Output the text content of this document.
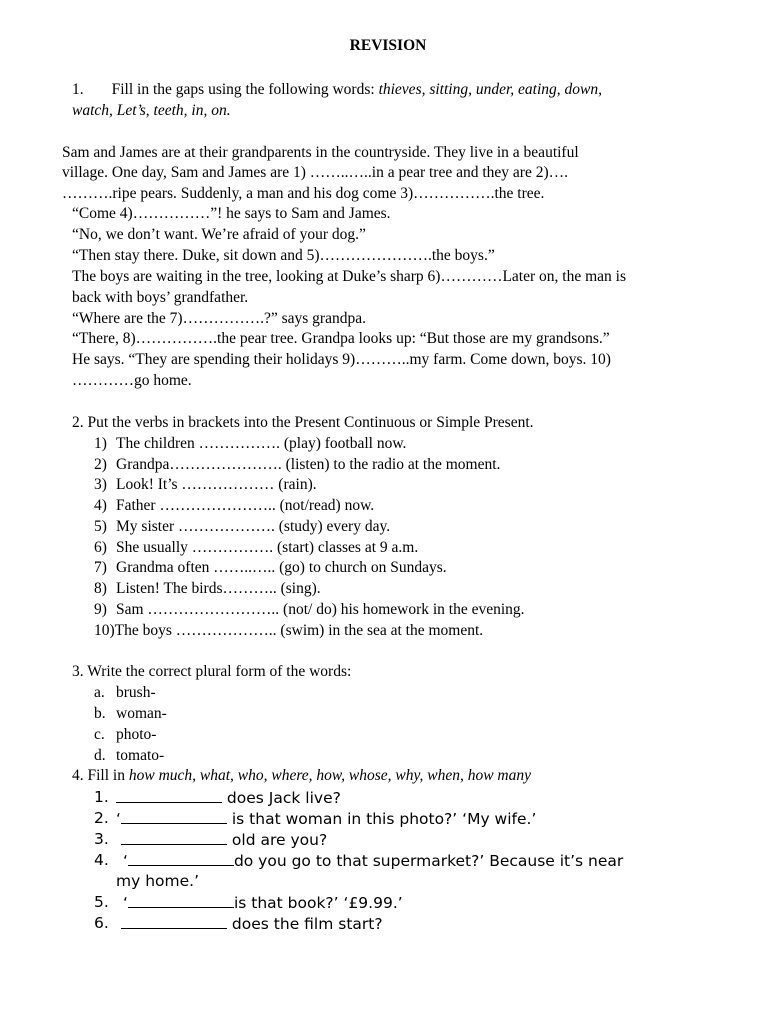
REVISION
1. Fill in the gaps using the following words: thieves, sitting, under, eating, down,
watch, Let’s, teeth, in, on.
Sam and James are at their grandparents in the countryside. They live in a beautiful
village. One day, Sam and James are 1) ……..…..in a pear tree and they are 2)….
……….ripe pears. Suddenly, a man and his dog come 3)…………….the tree.
“Come 4)……………”! he says to Sam and James.
“No, we don’t want. We’re afraid of your dog.”
“Then stay there. Duke, sit down and 5)………………….the boys.”
The boys are waiting in the tree, looking at Duke’s sharp 6)…………Later on, the man is
back with boys’ grandfather.
“Where are the 7)…………….?” says grandpa.
“There, 8)…………….the pear tree. Grandpa looks up: “But those are my grandsons.”
He says. “They are spending their holidays 9)………..my farm. Come down, boys. 10)
…………go home.
2. Put the verbs in brackets into the Present Continuous or Simple Present.
1) The children ……………. (play) football now.
2) Grandpa…………………. (listen) to the radio at the moment.
3) Look! It’s ……………… (rain).
4) Father ………………….. (not/read) now.
5) My sister ………………. (study) every day.
6) She usually ……………. (start) classes at 9 a.m.
7) Grandma often ……..….. (go) to church on Sundays.
8) Listen! The birds……….. (sing).
9) Sam …………………….. (not/ do) his homework in the evening.
10)The boys ……………….. (swim) in the sea at the moment.
3. Write the correct plural form of the words:
a. brush-
b. woman-
c. photo-
d. tomato-
4. Fill in how much, what, who, where, how, whose, why, when, how many
1.	does Jack live?
2. ‘	is that woman in this photo?’ ‘My wife.’
3.	old are you?
4. ‘	do you go to that supermarket?’ Because it’s near
my home.’
5. ‘	is that book?’ ‘£9.99.’
6.	does the film start?
